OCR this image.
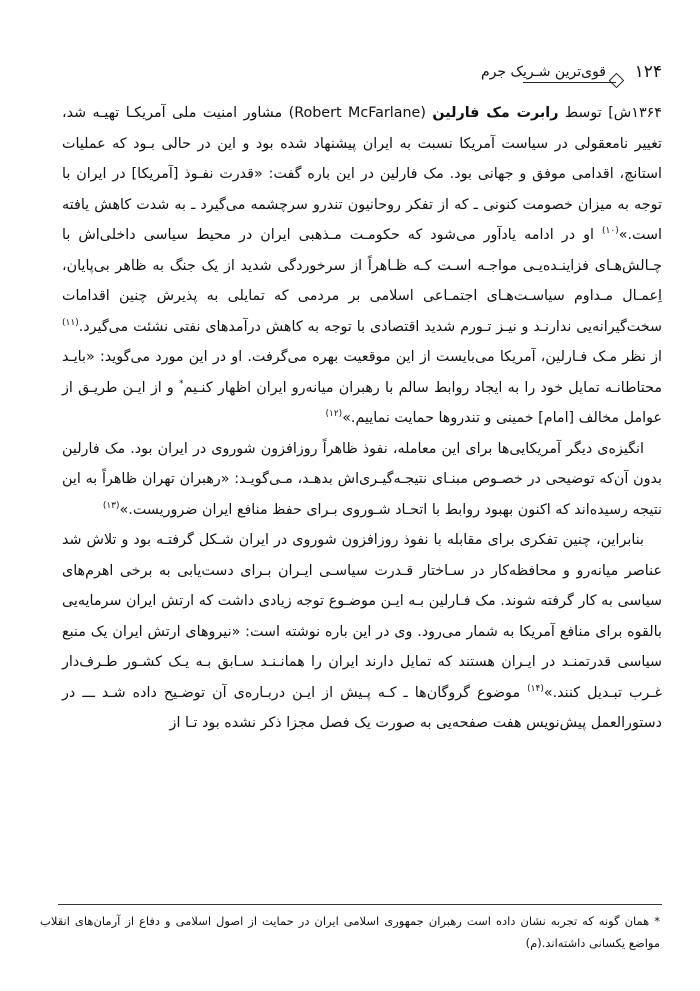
۱۲۴
قوی‌ترین شـریک جرم

۱۳۶۴ش] توسط رابرت مک فارلین (Robert McFarlane) مشاور امنیت ملی آمریکـا تهیـه شد، تغییر نامعقولی در سیاست آمریکا نسبت به ایران پیشنهاد شده بود و این در حالی بـود که عملیات استانچ، اقدامی موفق و جهانی بود. مک فارلین در این باره گفت: «قدرت نفـوذ [آمریکا] در ایران با توجه به میزان خصومت کنونی ـ که از تفکر روحانیون تندرو سرچشمه می‌گیرد ـ به شدت کاهش یافته است.»$^{(۱۰)}$ او در ادامه یادآور می‌شود که حکومـت مـذهبی ایران در محیط سیاسی داخلی‌اش با چـالش‌هـای فزاینـده‌یـی مواجـه اسـت کـه ظـاهراً از سرخوردگی شدید از یک جنگ به ظاهر بی‌پایان، اِعمـال مـداوم سیاسـت‌هـای اجتمـاعی اسلامی بر مردمی که تمایلی به پذیرش چنین اقدامات سخت‌گیرانه‌یی ندارنـد و نیـز تـورم شدید اقتصادی با توجه به کاهش درآمدهای نفتی نشئت می‌گیرد.$^{(۱۱)}$ از نظر مـک فـارلین، آمریکا می‌بایست از این موقعیت بهره می‌گرفت. او در این مورد می‌گوید: «بایـد محتاطانـه تمایل خود را به ایجاد روابط سالم با رهبران میانه‌رو ایران اظهار کنـیم* و از ایـن طریـق از عوامل مخالف [امام] خمینی و تندروها حمایت نماییم.»$^{(۱۲)}$

انگیزه‌ی دیگر آمریکایی‌ها برای این معامله، نفوذ ظاهراً روزافزون شوروی در ایران بود. مک فارلین بدون آن‌که توضیحی در خصـوص مبنـای نتیجـه‌گیـری‌اش بدهـد، مـی‌گویـد: «رهبران تهران ظاهراً به این نتیجه رسیده‌اند که اکنون بهبود روابط با اتحـاد شـوروی بـرای حفظ منافع ایران ضروریست.»$^{(۱۳)}$

بنابراین، چنین تفکری برای مقابله با نفوذ روزافزون شوروی در ایران شـکل گرفتـه بود و تلاش شد عناصر میانه‌رو و محافظه‌کار در سـاختار قـدرت سیاسـی ایـران بـرای دست‌یابی به برخی اهرم‌های سیاسی به کار گرفته شوند. مک فـارلین بـه ایـن موضـوع توجه زیادی داشت که ارتش ایران سرمایه‌یی بالقوه برای منافع آمریکا به شمار می‌رود. وی در این باره نوشته است: «نیروهای ارتش ایران یک منبع سیاسی قدرتمنـد در ایـران هستند که تمایل دارند ایران را همانـنـد سـابق بـه یـک کشـور طـرف‌دار غـرب تبـدیل کنند.»$^{(۱۴)}$ موضوع گروگان‌ها ـ کـه پـیش از ایـن دربـاره‌ی آن توضـیح داده شـد ـــ در دستورالعمل پیش‌نویس هفت صفحه‌یی به صورت یک فصل مجزا ذکر نشده بود تـا از

* همان گونه که تجربه نشان داده است رهبران جمهوری اسلامی ایران در حمایت از اصول اسلامی و دفاع از آرمان‌های انقلاب مواضع یکسانی داشته‌اند.(م)
